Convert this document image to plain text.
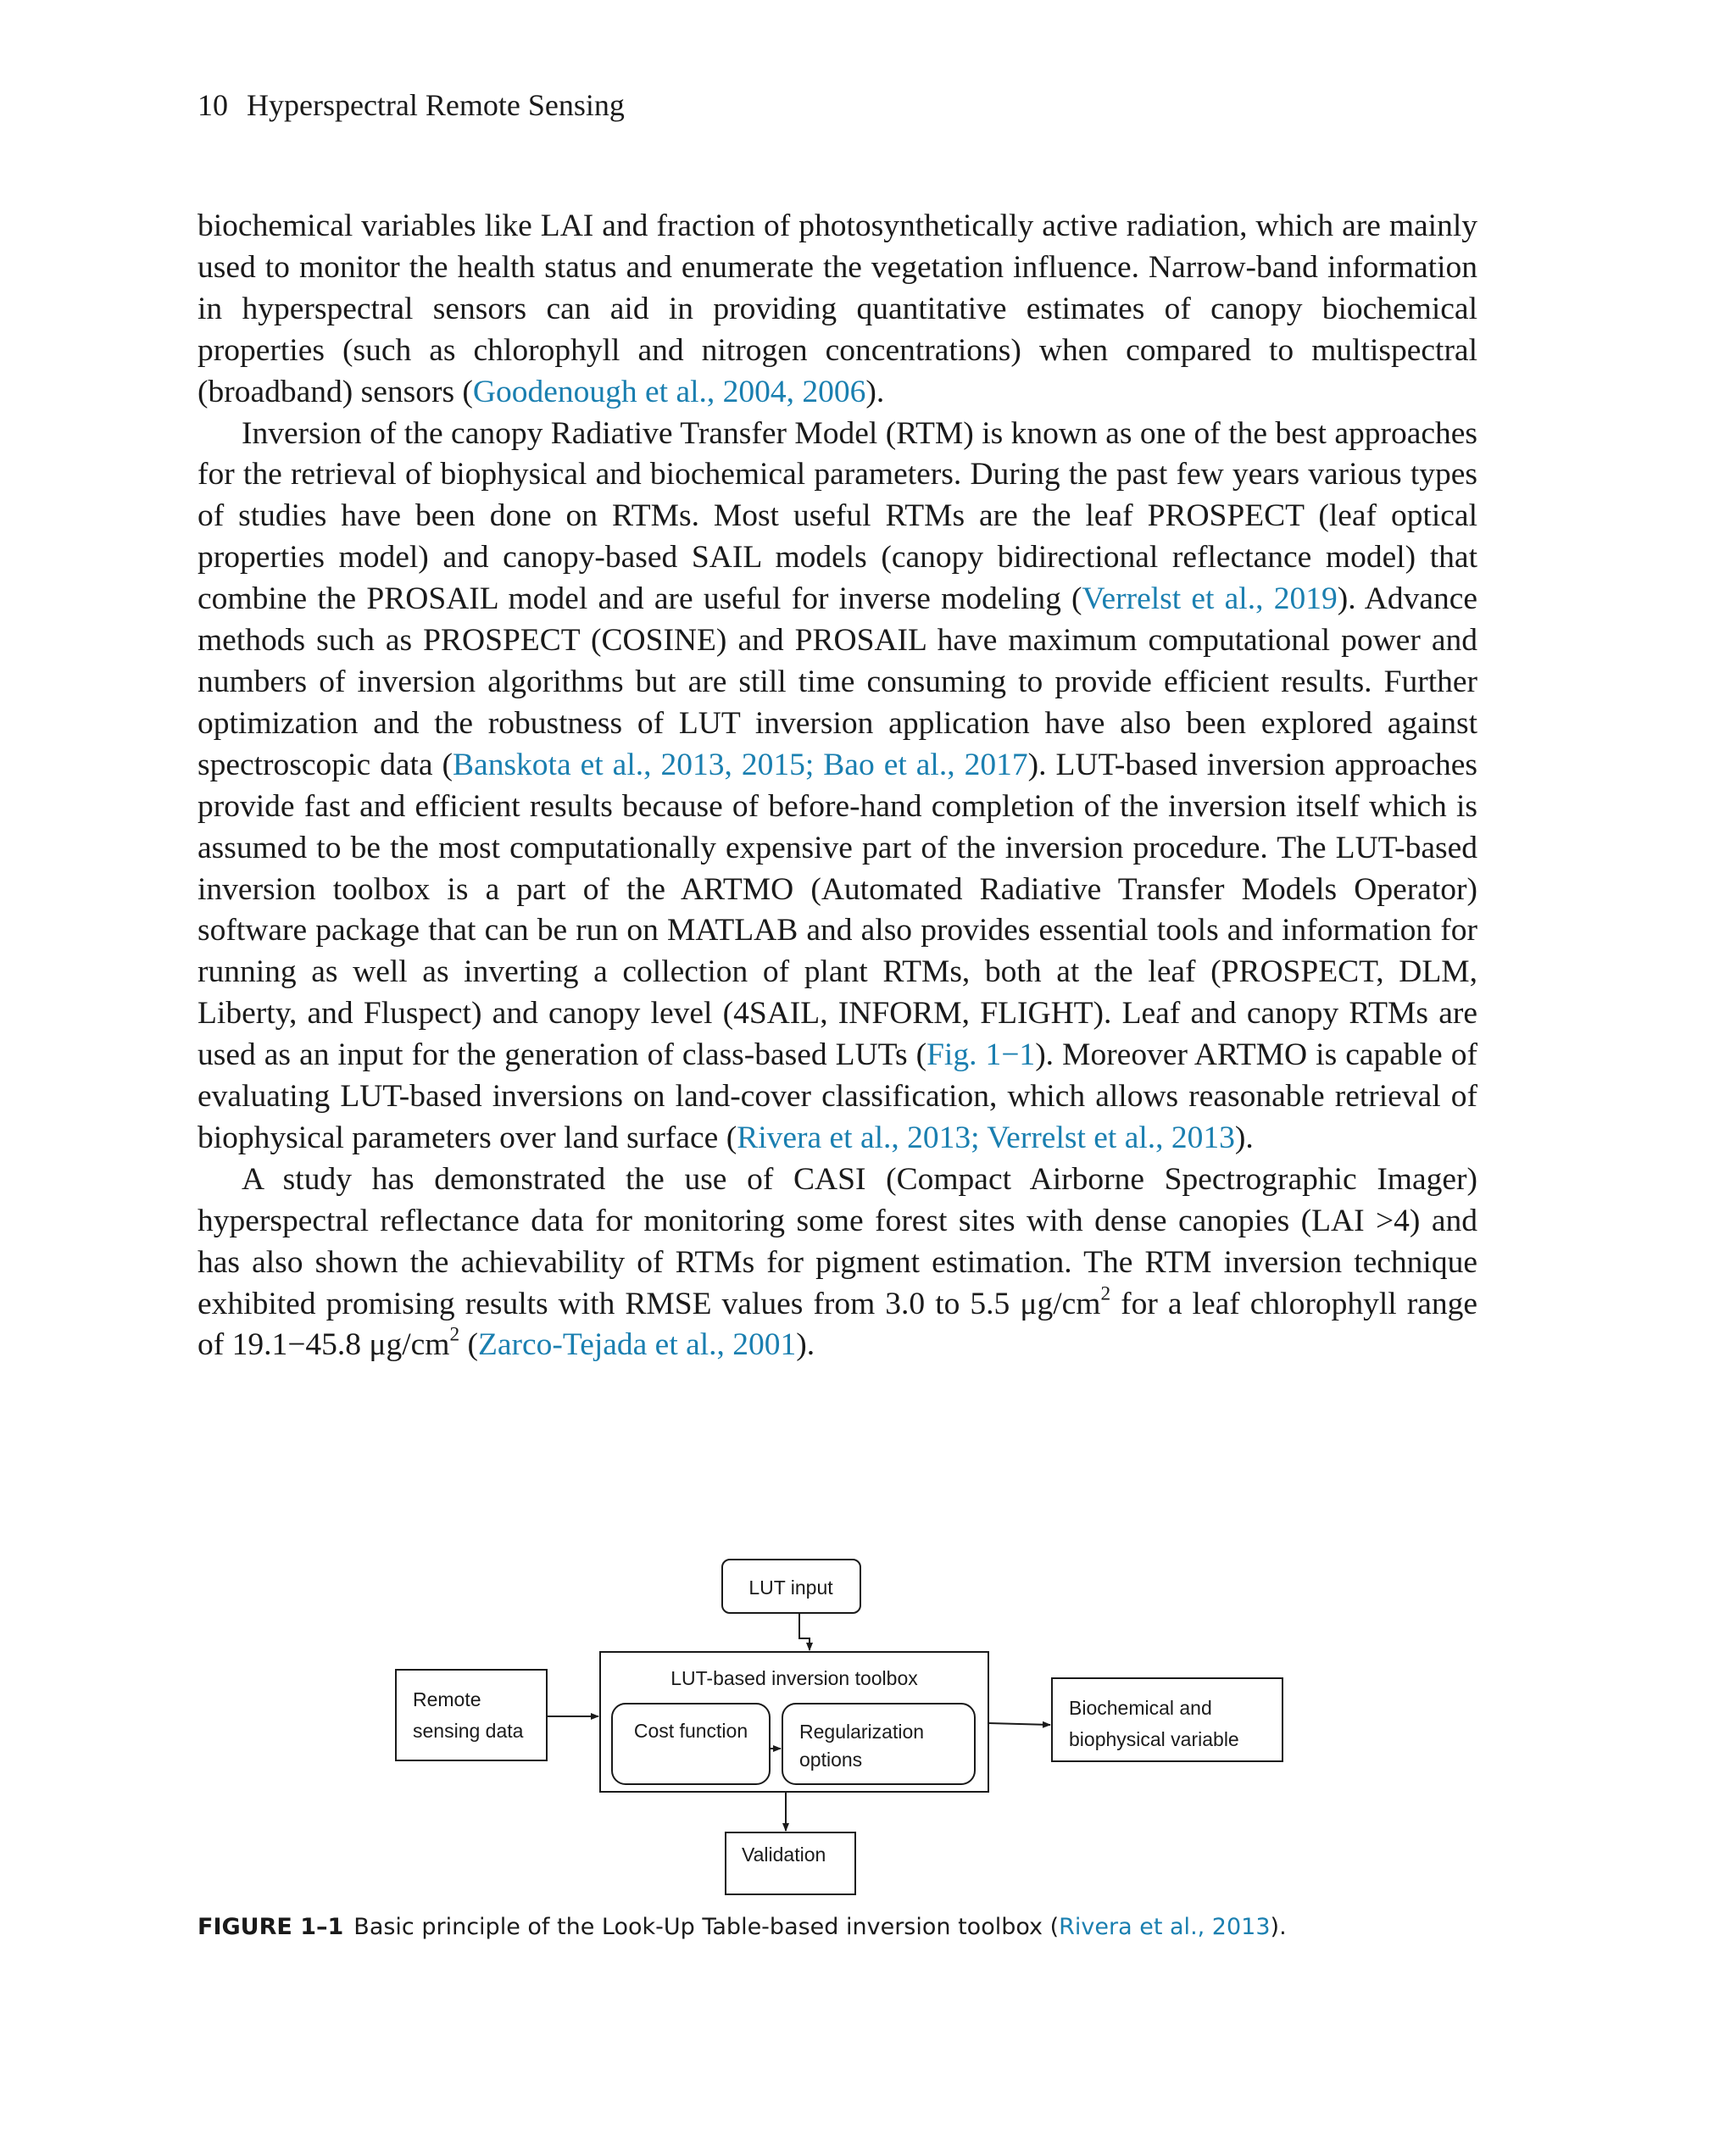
10 Hyperspectral Remote Sensing

biochemical variables like LAI and fraction of photosynthetically active radiation, which are mainly used to monitor the health status and enumerate the vegetation influence. Narrow-band information in hyperspectral sensors can aid in providing quantitative estimates of canopy biochemical properties (such as chlorophyll and nitrogen concentrations) when compared to multispectral (broadband) sensors (Goodenough et al., 2004, 2006).

Inversion of the canopy Radiative Transfer Model (RTM) is known as one of the best approaches for the retrieval of biophysical and biochemical parameters. During the past few years various types of studies have been done on RTMs. Most useful RTMs are the leaf PROSPECT (leaf optical properties model) and canopy-based SAIL models (canopy bidirectional reflectance model) that combine the PROSAIL model and are useful for inverse modeling (Verrelst et al., 2019). Advance methods such as PROSPECT (COSINE) and PROSAIL have maximum computational power and numbers of inversion algorithms but are still time consuming to provide efficient results. Further optimization and the robustness of LUT inversion application have also been explored against spectroscopic data (Banskota et al., 2013, 2015; Bao et al., 2017). LUT-based inversion approaches provide fast and efficient results because of before-hand completion of the inversion itself which is assumed to be the most computationally expensive part of the inversion procedure. The LUT-based inversion toolbox is a part of the ARTMO (Automated Radiative Transfer Models Operator) software package that can be run on MATLAB and also provides essential tools and information for running as well as inverting a collection of plant RTMs, both at the leaf (PROSPECT, DLM, Liberty, and Fluspect) and canopy level (4SAIL, INFORM, FLIGHT). Leaf and canopy RTMs are used as an input for the generation of class-based LUTs (Fig. 1−1). Moreover ARTMO is capable of evaluating LUT-based inversions on land-cover classification, which allows reasonable retrieval of biophysical parameters over land surface (Rivera et al., 2013; Verrelst et al., 2013).

A study has demonstrated the use of CASI (Compact Airborne Spectrographic Imager) hyperspectral reflectance data for monitoring some forest sites with dense canopies (LAI >4) and has also shown the achievability of RTMs for pigment estimation. The RTM inversion technique exhibited promising results with RMSE values from 3.0 to 5.5 $\mu g/cm^2$ for a leaf chlorophyll range of 19.1−45.8 $\mu g/cm^2$ (Zarco-Tejada et al., 2001).

LUT input
Remote
sensing data
LUT-based inversion toolbox
Cost function	Regularization
options
Biochemical and
biophysical variable
Validation
FIGURE 1–1 Basic principle of the Look-Up Table-based inversion toolbox (Rivera et al., 2013).
